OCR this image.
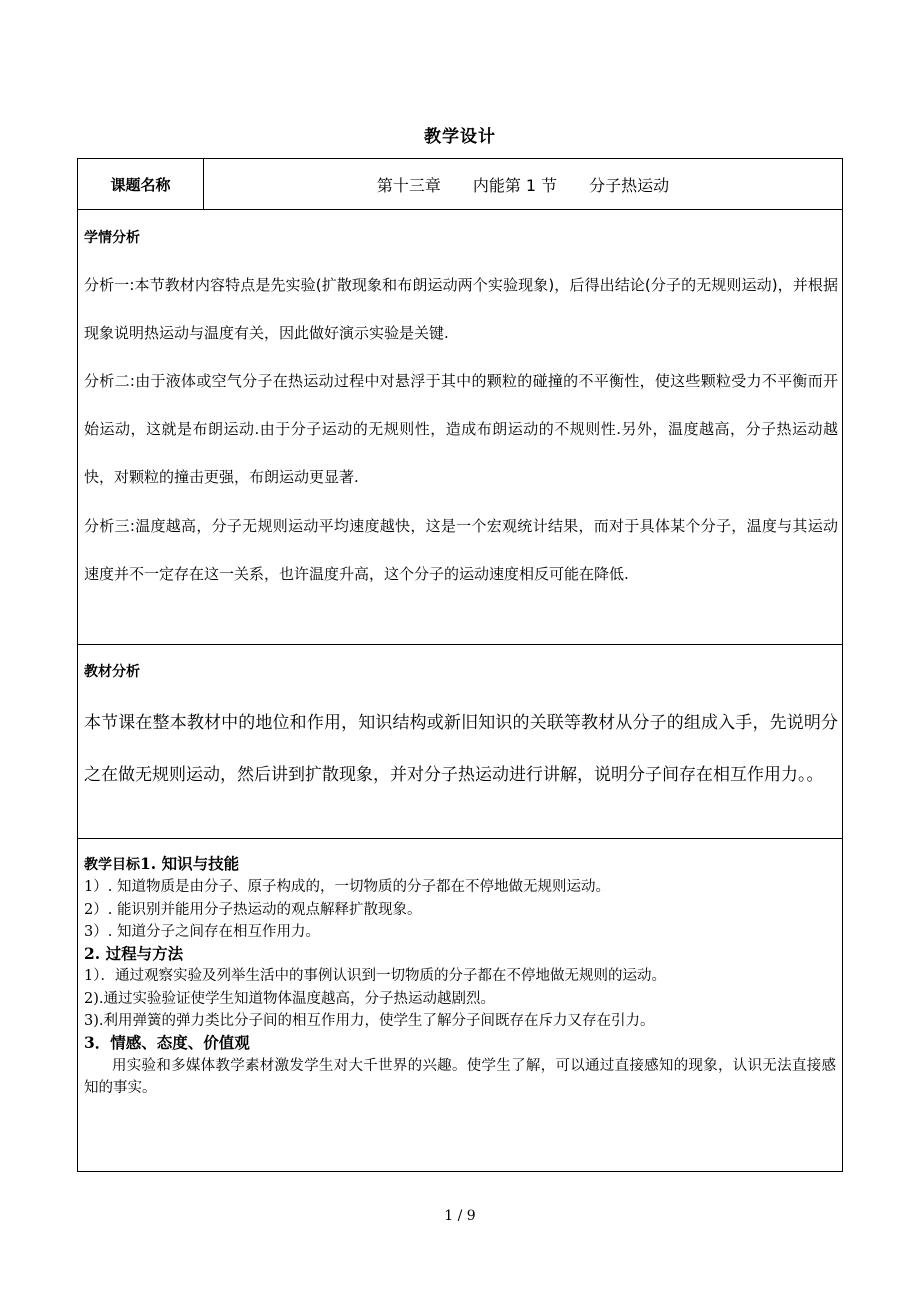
教学设计
课题名称	第十三章　　内能第 1 节　　分子热运动
学情分析
分析一:本节教材内容特点是先实验(扩散现象和布朗运动两个实验现象)，后得出结论(分子的无规则运动)，并根据现象说明热运动与温度有关，因此做好演示实验是关键.
分析二:由于液体或空气分子在热运动过程中对悬浮于其中的颗粒的碰撞的不平衡性，使这些颗粒受力不平衡而开始运动，这就是布朗运动.由于分子运动的无规则性，造成布朗运动的不规则性.另外，温度越高，分子热运动越快，对颗粒的撞击更强，布朗运动更显著.
分析三:温度越高，分子无规则运动平均速度越快，这是一个宏观统计结果，而对于具体某个分子，温度与其运动速度并不一定存在这一关系，也许温度升高，这个分子的运动速度相反可能在降低.
教材分析
本节课在整本教材中的地位和作用，知识结构或新旧知识的关联等教材从分子的组成入手，先说明分之在做无规则运动，然后讲到扩散现象，并对分子热运动进行讲解，说明分子间存在相互作用力。。
教学目标1. 知识与技能
1）. 知道物质是由分子、原子构成的，一切物质的分子都在不停地做无规则运动。
2）. 能识别并能用分子热运动的观点解释扩散现象。
3）. 知道分子之间存在相互作用力。
2. 过程与方法
1）．通过观察实验及列举生活中的事例认识到一切物质的分子都在不停地做无规则的运动。
2).通过实验验证使学生知道物体温度越高，分子热运动越剧烈。
3).利用弹簧的弹力类比分子间的相互作用力，使学生了解分子间既存在斥力又存在引力。
3．情感、态度、价值观
用实验和多媒体教学素材激发学生对大千世界的兴趣。使学生了解，可以通过直接感知的现象，认识无法直接感知的事实。
1 / 9
